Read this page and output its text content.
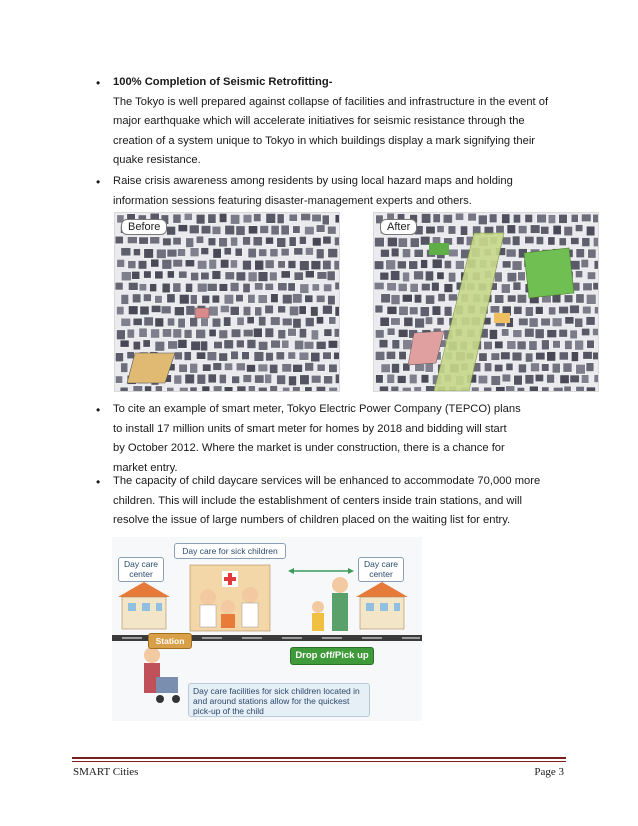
•	100% Completion of Seismic Retrofitting-
The Tokyo is well prepared against collapse of facilities and infrastructure in the event of
major earthquake which will accelerate initiatives for seismic resistance through the
creation of a system unique to Tokyo in which buildings display a mark signifying their
quake resistance.
•	Raise crisis awareness among residents by using local hazard maps and holding
information sessions featuring disaster-management experts and others.
Before	After
•	To cite an example of smart meter, Tokyo Electric Power Company (TEPCO) plans
to install 17 million units of smart meter for homes by 2018 and bidding will start
by October 2012. Where the market is under construction, there is a chance for
market entry.
•	The capacity of child daycare services will be enhanced to accommodate 70,000 more
children. This will include the establishment of centers inside train stations, and will
resolve the issue of large numbers of children placed on the waiting list for entry.
Day care for sick children
Day care
center
Day care
center
Station
Drop off/Pick up
Day care facilities for sick children located in and around stations allow for the quickest pick-up of the child
SMART Cities	Page 3
